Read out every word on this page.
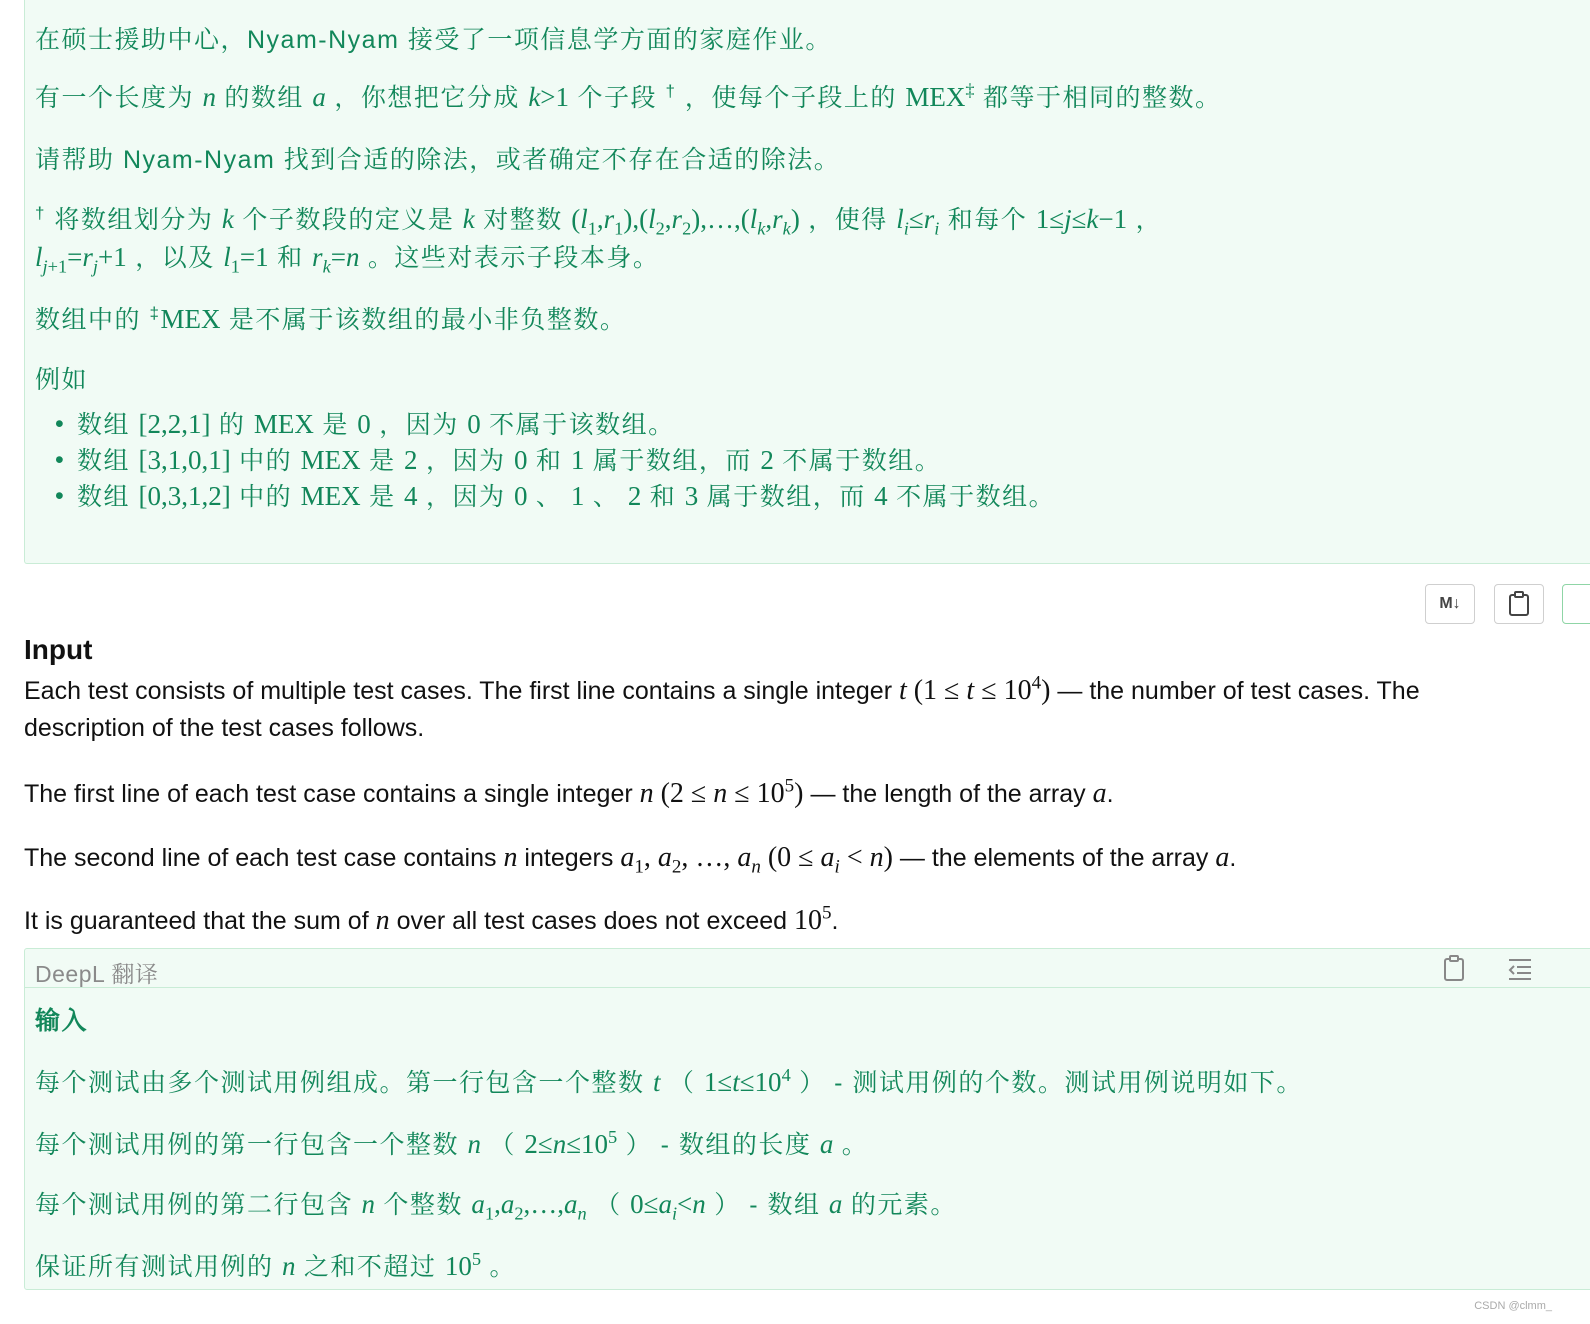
在硕士援助中心，Nyam-Nyam 接受了一项信息学方面的家庭作业。

有一个长度为 n 的数组 a ，你想把它分成 k>1 个子段 † ，使每个子段上的 MEX‡ 都等于相同的整数。

请帮助 Nyam-Nyam 找到合适的除法，或者确定不存在合适的除法。

† 将数组划分为 k 个子数段的定义是 k 对整数 $(l_1,r_1),(l_2,r_2),\dots,(l_k,r_k)$ ，使得 $l_i\le r_i$ 和每个 1≤j≤k−1 ，

$l_{j+1}=r_j+1$ ，以及 $l_1=1$ 和 $r_k=n$ 。这些对表示子段本身。

数组中的 ‡MEX 是不属于该数组的最小非负整数。

例如

• 数组 [2,2,1] 的 MEX 是 0 ，因为 0 不属于该数组。
• 数组 [3,1,0,1] 中的 MEX 是 2 ，因为 0 和 1 属于数组，而 2 不属于数组。
• 数组 [0,3,1,2] 中的 MEX 是 4 ，因为 0 、 1 、 2 和 3 属于数组，而 4 不属于数组。
M↓
Input
Each test consists of multiple test cases. The first line contains a single integer t $(1 \le t \le 10^4)$ — the number of test cases. The
description of the test cases follows.
The first line of each test case contains a single integer n $(2 \le n \le 10^5)$ — the length of the array a.
The second line of each test case contains n integers $a_1$, $a_2$, …, $a_n$ $(0 \le a_i < n)$ — the elements of the array a.
It is guaranteed that the sum of n over all test cases does not exceed $10^5$.
DeepL 翻译

输入

每个测试由多个测试用例组成。第一行包含一个整数 t （ $1\le t\le 10^4$ ） - 测试用例的个数。测试用例说明如下。

每个测试用例的第一行包含一个整数 n （ $2\le n\le 10^5$ ） - 数组的长度 a 。

每个测试用例的第二行包含 n 个整数 $a_1,a_2,\dots,a_n$ （ $0\le a_i<n$ ） - 数组 a 的元素。

保证所有测试用例的 n 之和不超过 $10^5$ 。

CSDN @clmm_
